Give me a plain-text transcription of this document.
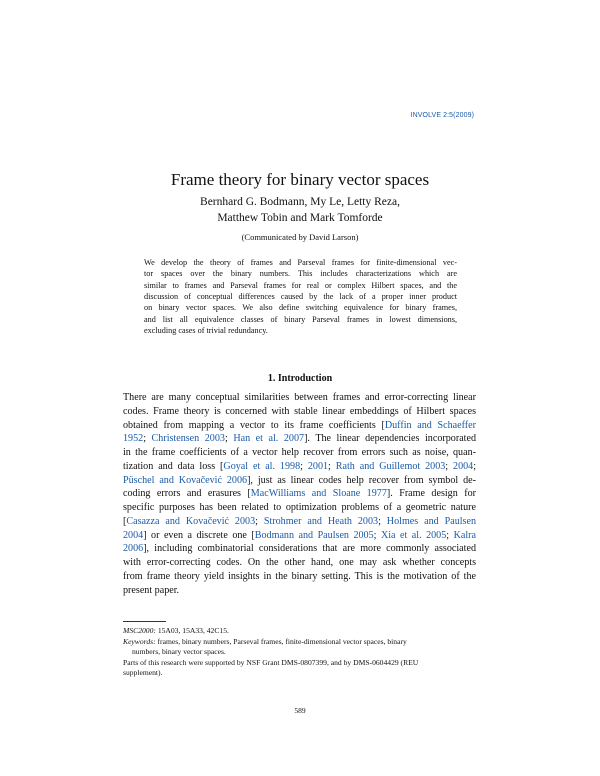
INVOLVE 2:5(2009)
Frame theory for binary vector spaces
Bernhard G. Bodmann, My Le, Letty Reza,
Matthew Tobin and Mark Tomforde
(Communicated by David Larson)
We develop the theory of frames and Parseval frames for finite-dimensional vec-
tor spaces over the binary numbers. This includes characterizations which are
similar to frames and Parseval frames for real or complex Hilbert spaces, and the
discussion of conceptual differences caused by the lack of a proper inner product
on binary vector spaces. We also define switching equivalence for binary frames,
and list all equivalence classes of binary Parseval frames in lowest dimensions,
excluding cases of trivial redundancy.
1. Introduction
There are many conceptual similarities between frames and error-correcting linear
codes. Frame theory is concerned with stable linear embeddings of Hilbert spaces
obtained from mapping a vector to its frame coefficients [Duffin and Schaeffer
1952; Christensen 2003; Han et al. 2007]. The linear dependencies incorporated
in the frame coefficients of a vector help recover from errors such as noise, quan-
tization and data loss [Goyal et al. 1998; 2001; Rath and Guillemot 2003; 2004;
Püschel and Kovačević 2006], just as linear codes help recover from symbol de-
coding errors and erasures [MacWilliams and Sloane 1977]. Frame design for
specific purposes has been related to optimization problems of a geometric nature
[Casazza and Kovačević 2003; Strohmer and Heath 2003; Holmes and Paulsen
2004] or even a discrete one [Bodmann and Paulsen 2005; Xia et al. 2005; Kalra
2006], including combinatorial considerations that are more commonly associated
with error-correcting codes. On the other hand, one may ask whether concepts
from frame theory yield insights in the binary setting. This is the motivation of the
present paper.
MSC2000: 15A03, 15A33, 42C15.
Keywords: frames, binary numbers, Parseval frames, finite-dimensional vector spaces, binary
numbers, binary vector spaces.
Parts of this research were supported by NSF Grant DMS-0807399, and by DMS-0604429 (REU
supplement).
589
